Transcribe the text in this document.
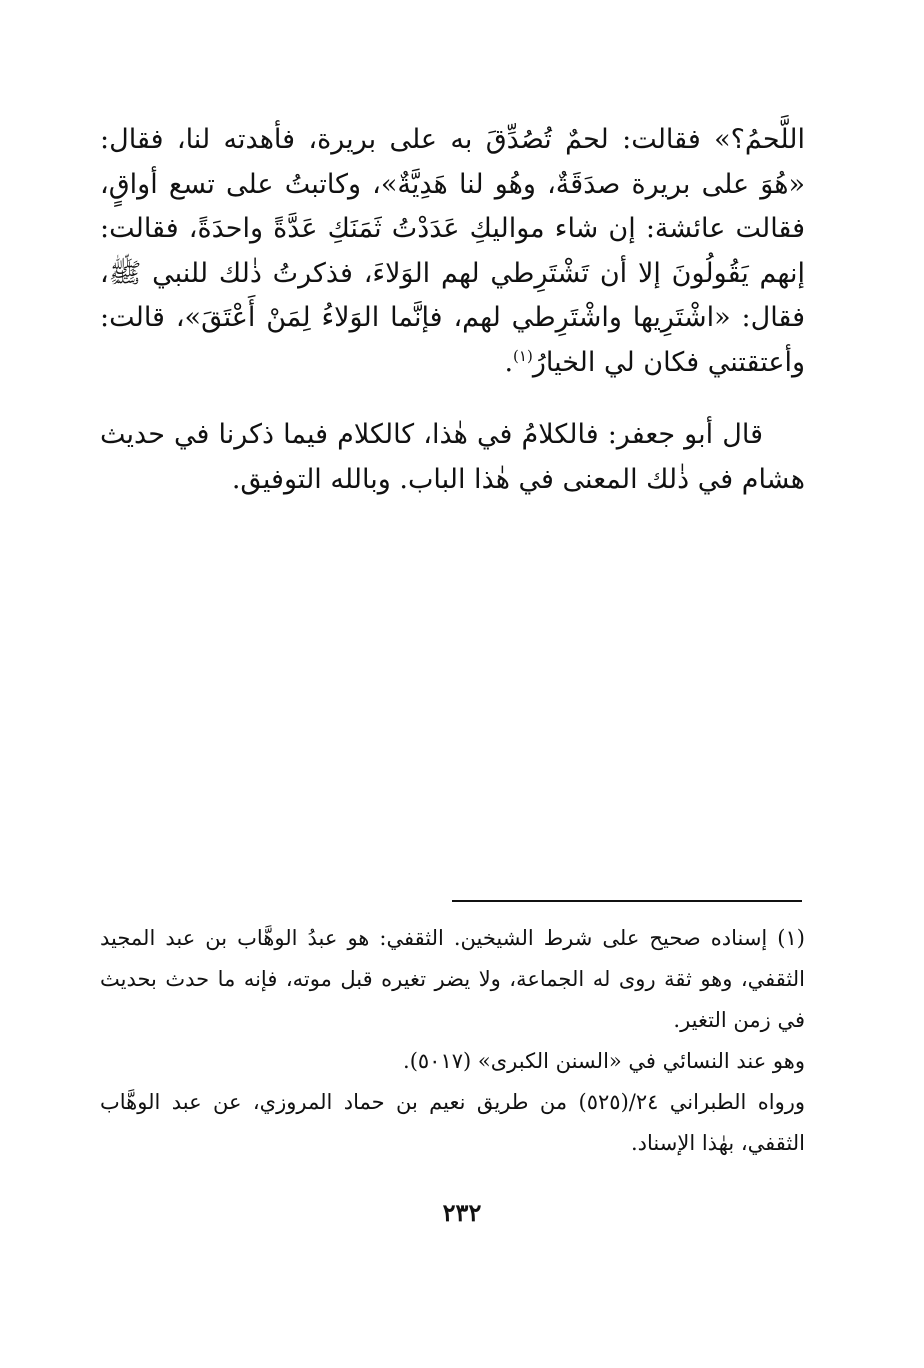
اللَّحمُ؟» فقالت: لحمٌ تُصُدِّقَ به على بريرة، فأهدته لنا، فقال: «هُوَ على بريرة صدَقَةٌ، وهُو لنا هَدِيَّةٌ»، وكاتبتُ على تسع أواقٍ، فقالت عائشة: إن شاء مواليكِ عَدَدْتُ ثَمَنَكِ عَدَّةً واحدَةً، فقالت: إنهم يَقُولُونَ إلا أن تَشْتَرِطي لهم الوَلاءَ، فذكرتُ ذٰلك للنبي ﷺ، فقال: «اشْتَرِيها واشْتَرِطي لهم، فإنَّما الوَلاءُ لِمَنْ أَعْتَقَ»، قالت: وأعتقتني فكان لي الخيارُ$^{(١)}$.

قال أبو جعفر: فالكلامُ في هٰذا، كالكلام فيما ذكرنا في حديث هشام في ذٰلك المعنى في هٰذا الباب. وبالله التوفيق.

(١) إسناده صحيح على شرط الشيخين. الثقفي: هو عبدُ الوهَّاب بن عبد المجيد الثقفي، وهو ثقة روى له الجماعة، ولا يضر تغيره قبل موته، فإنه ما حدث بحديث في زمن التغير.

وهو عند النسائي في «السنن الكبرى» (٥٠١٧).

ورواه الطبراني ٢٤/(٥٢٥) من طريق نعيم بن حماد المروزي، عن عبد الوهَّاب الثقفي، بهٰذا الإسناد.

٢٣٢
